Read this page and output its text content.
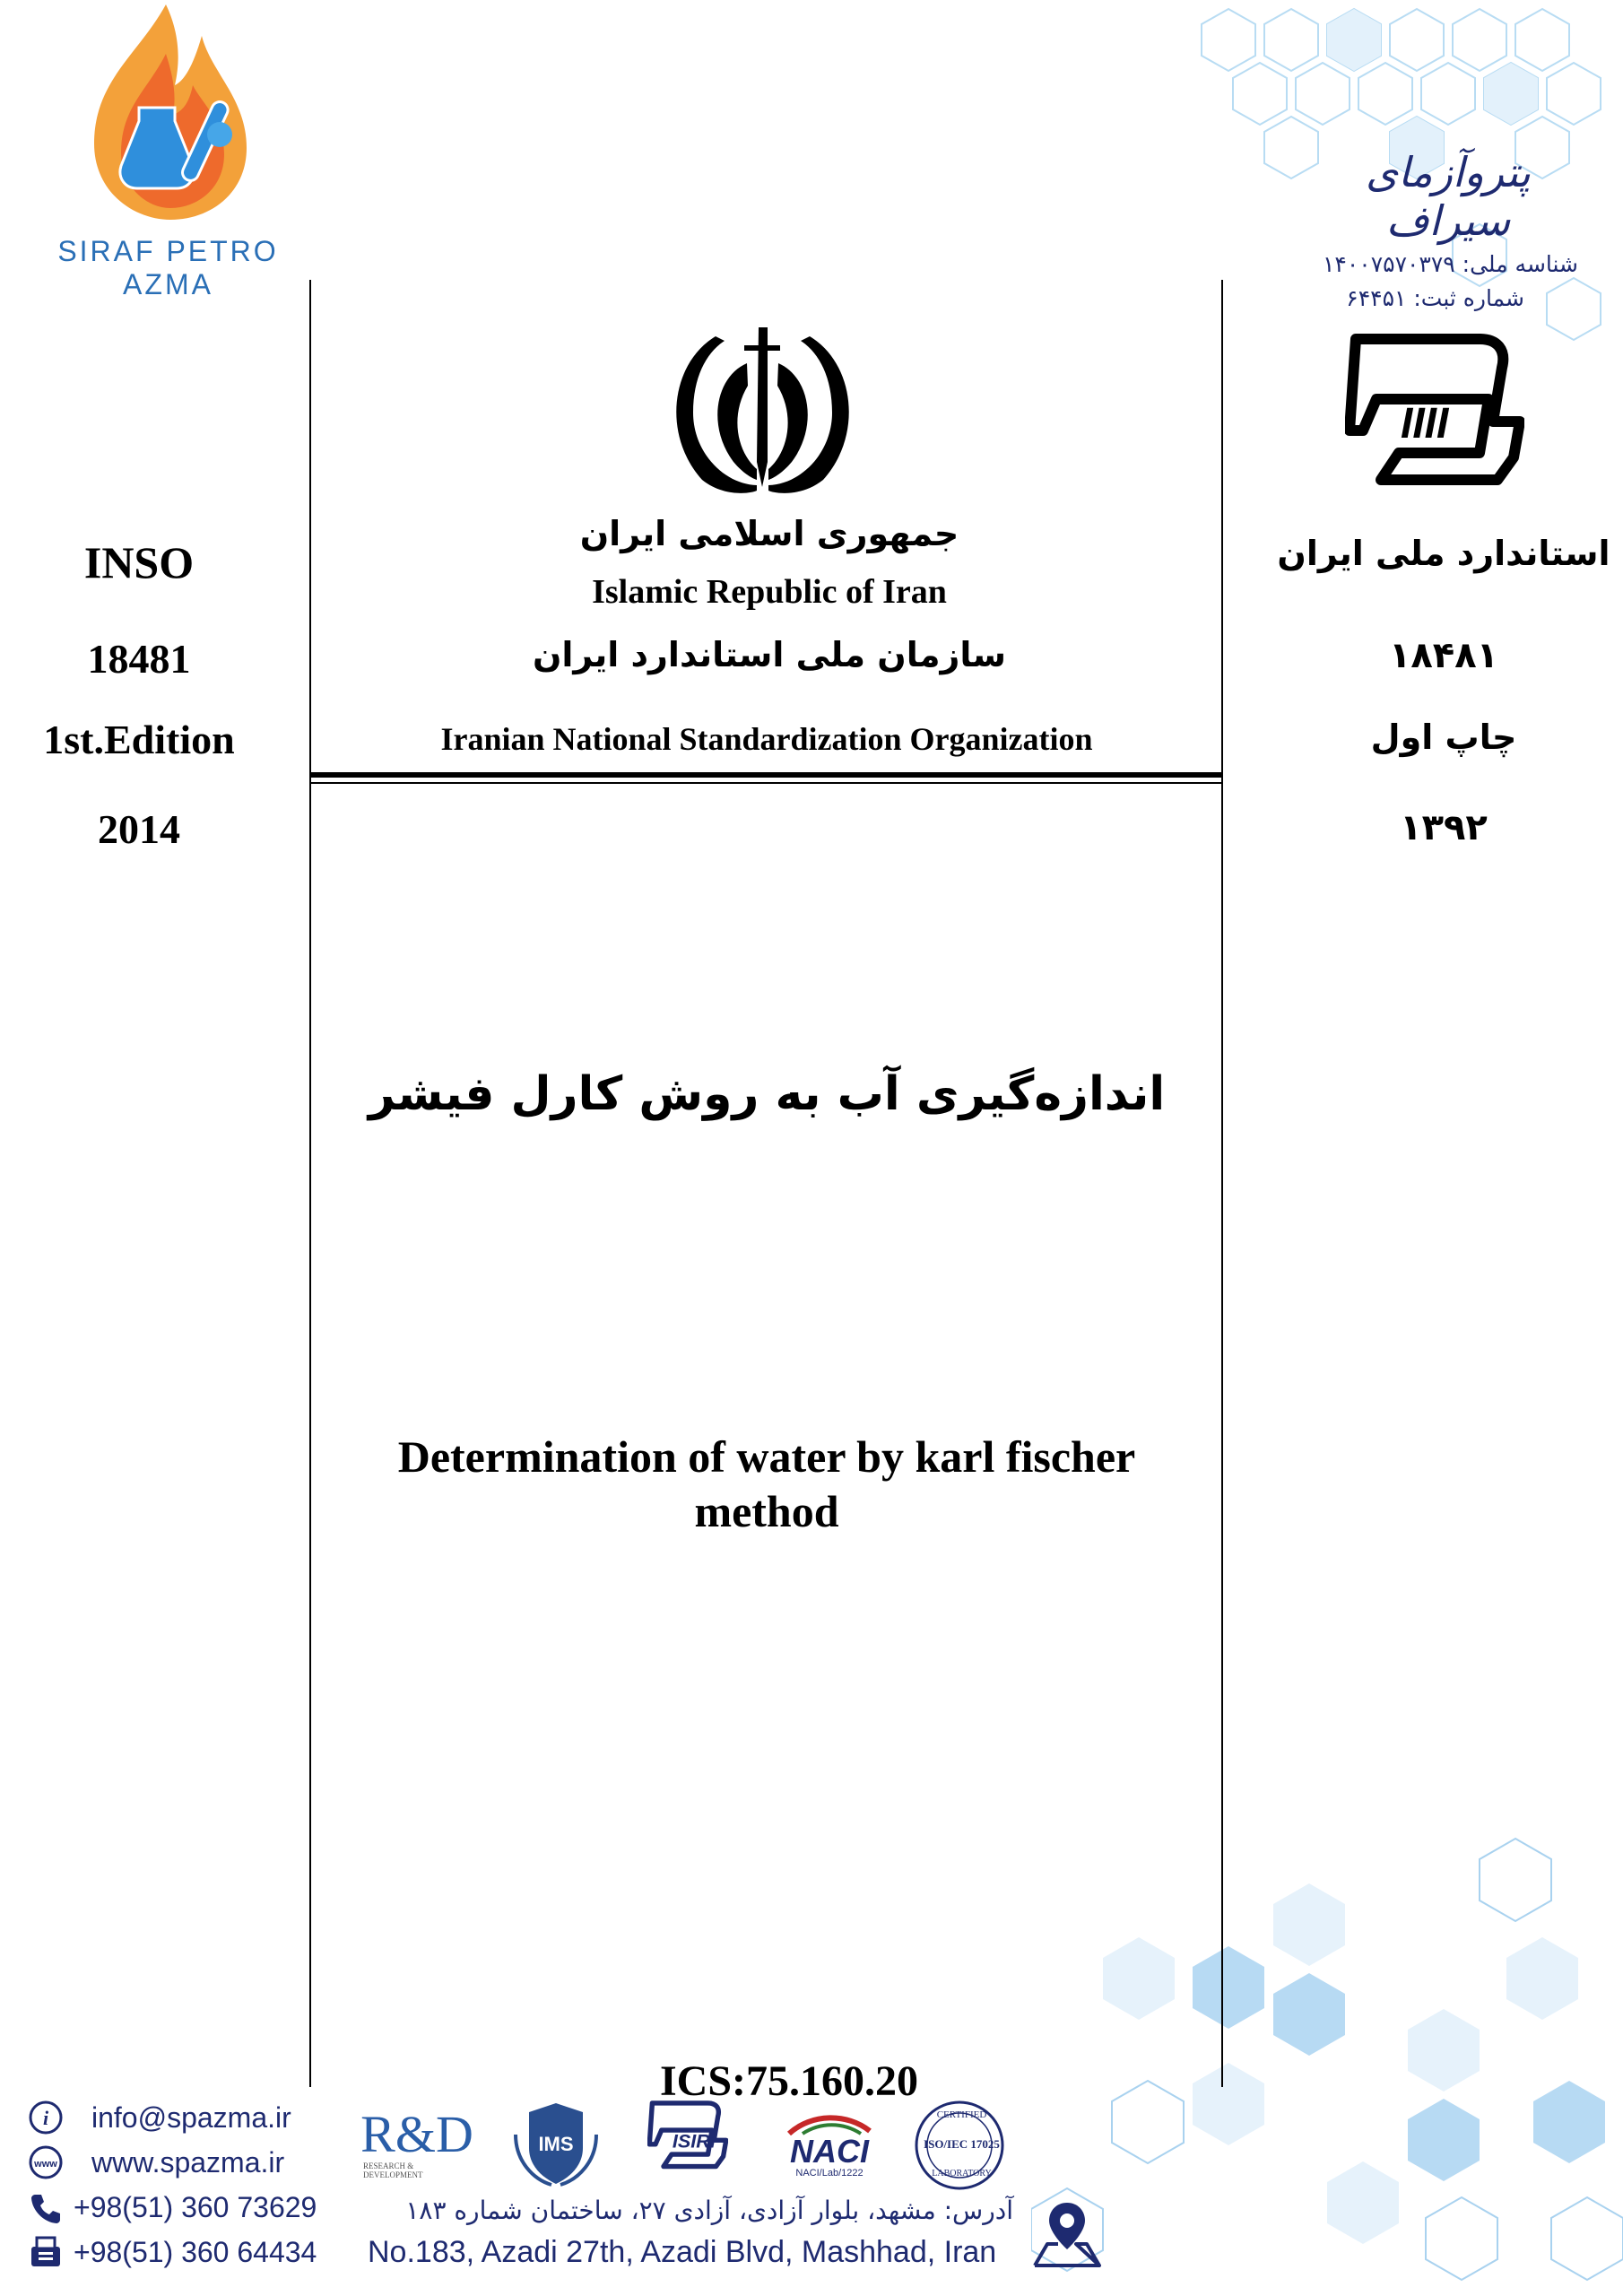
SIRAF PETRO AZMA
پتروآزمای سیراف
شناسه ملی: ۱۴۰۰۷۵۷۰۳۷۹
شماره ثبت: ۶۴۴۵۱
IIII
INSO
18481
1st.Edition
2014
استاندارد ملی ایران
۱۸۴۸۱
چاپ اول
۱۳۹۲
جمهوری اسلامی ایران
Islamic Republic of Iran
سازمان ملی استاندارد ایران
Iranian National Standardization Organization
اندازه‌گیری آب به روش کارل فیشر
Determination of water by karl fischer
method
ICS:75.160.20
i info@spazma.ir
www www.spazma.ir
+98(51) 360 73629
+98(51) 360 64434
R&D
RESEARCH & DEVELOPMENT
IMS ISIRI NACI
NACI/Lab/1222
CERTIFIED
ISO/IEC 17025
LABORATORY
آدرس: مشهد، بلوار آزادی، آزادی ۲۷، ساختمان شماره ۱۸۳
No.183, Azadi 27th, Azadi Blvd, Mashhad, Iran
